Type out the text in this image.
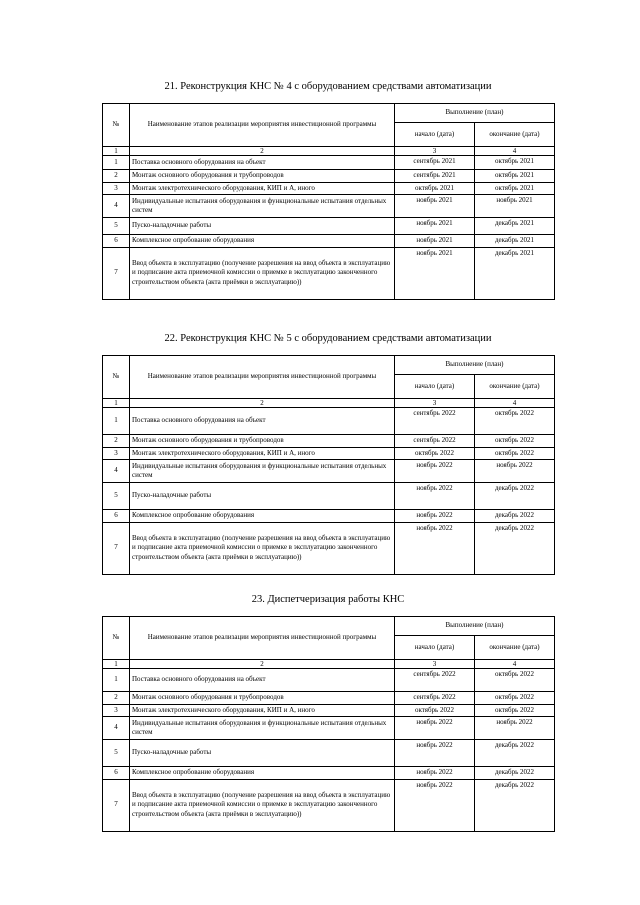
21. Реконструкция КНС № 4 с оборудованием средствами автоматизации
№	Наименование этапов реализации мероприятия инвестиционной программы	Выполнение (план)	
		начало (дата)	окончание (дата)
1	2	3	4
1	Поставка основного оборудования на объект	сентябрь 2021	октябрь 2021
2	Монтаж основного оборудования и трубопроводов	сентябрь 2021	октябрь 2021
3	Монтаж электротехнического оборудования, КИП и А, иного	октябрь 2021	октябрь 2021
4	Индивидуальные испытания оборудования и функциональные испытания отдельных систем	ноябрь 2021	ноябрь 2021
5	Пуско-наладочные работы	ноябрь 2021	декабрь 2021
6	Комплексное опробование оборудования	ноябрь 2021	декабрь 2021
7	Ввод объекта в эксплуатацию (получение разрешения на ввод объекта в эксплуатацию и подписание акта приемочной комиссии о приемке в эксплуатацию законченного строительством объекта (акта приёмки в эксплуатацию))	ноябрь 2021	декабрь 2021
22. Реконструкция КНС № 5 с оборудованием средствами автоматизации
№	Наименование этапов реализации мероприятия инвестиционной программы	Выполнение (план)	
		начало (дата)	окончание (дата)
1	2	3	4
1	Поставка основного оборудования на объект	сентябрь 2022	октябрь 2022
2	Монтаж основного оборудования и трубопроводов	сентябрь 2022	октябрь 2022
3	Монтаж электротехнического оборудования, КИП и А, иного	октябрь 2022	октябрь 2022
4	Индивидуальные испытания оборудования и функциональные испытания отдельных систем	ноябрь 2022	ноябрь 2022
5	Пуско-наладочные работы	ноябрь 2022	декабрь 2022
6	Комплексное опробование оборудования	ноябрь 2022	декабрь 2022
7	Ввод объекта в эксплуатацию (получение разрешения на ввод объекта в эксплуатацию и подписание акта приемочной комиссии о приемке в эксплуатацию законченного строительством объекта (акта приёмки в эксплуатацию))	ноябрь 2022	декабрь 2022
23. Диспетчеризация работы КНС
№	Наименование этапов реализации мероприятия инвестиционной программы	Выполнение (план)	
		начало (дата)	окончание (дата)
1	2	3	4
1	Поставка основного оборудования на объект	сентябрь 2022	октябрь 2022
2	Монтаж основного оборудования и трубопроводов	сентябрь 2022	октябрь 2022
3	Монтаж электротехнического оборудования, КИП и А, иного	октябрь 2022	октябрь 2022
4	Индивидуальные испытания оборудования и функциональные испытания отдельных систем	ноябрь 2022	ноябрь 2022
5	Пуско-наладочные работы	ноябрь 2022	декабрь 2022
6	Комплексное опробование оборудования	ноябрь 2022	декабрь 2022
7	Ввод объекта в эксплуатацию (получение разрешения на ввод объекта в эксплуатацию и подписание акта приемочной комиссии о приемке в эксплуатацию законченного строительством объекта (акта приёмки в эксплуатацию))	ноябрь 2022	декабрь 2022
